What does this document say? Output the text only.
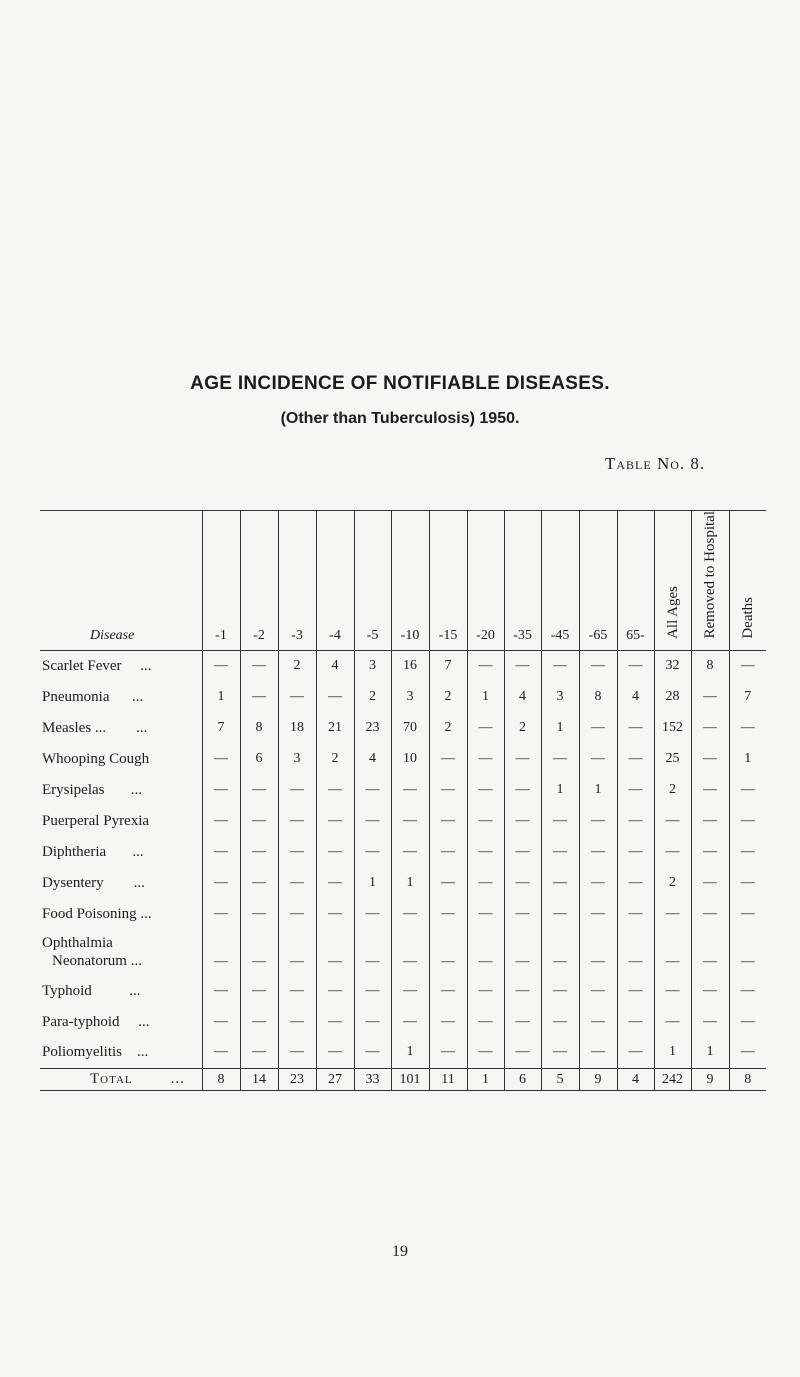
AGE INCIDENCE OF NOTIFIABLE DISEASES.
(Other than Tuberculosis) 1950.
Table No. 8.
Disease	-1	-2	-3	-4	-5	-10	-15	-20	-35	-45	-65	65-	All Ages	Removed to Hospital	Deaths
Scarlet Fever     ...	—	—	2	4	3	16	7	—	—	—	—	—	32	8	—
Pneumonia      ...	1	—	—	—	2	3	2	1	4	3	8	4	28	—	7
Measles ...        ...	7	8	18	21	23	70	2	—	2	1	—	—	152	—	—
Whooping Cough	—	6	3	2	4	10	—	—	—	—	—	—	25	—	1
Erysipelas       ...	—	—	—	—	—	—	—	—	—	1	1	—	2	—	—
Puerperal Pyrexia	—	—	—	—	—	—	—	—	—	—	—	—	—	—	—
Diphtheria       ...	—	—	—	—	—	—	—	—	—	—	—	—	—	—	—
Dysentery        ...	—	—	—	—	1	1	—	—	—	—	—	—	2	—	—
Food Poisoning ...	—	—	—	—	—	—	—	—	—	—	—	—	—	—	—
Ophthalmia
Neonatorum ...	—	—	—	—	—	—	—	—	—	—	—	—	—	—	—
Typhoid          ...	—	—	—	—	—	—	—	—	—	—	—	—	—	—	—
Para-typhoid     ...	—	—	—	—	—	—	—	—	—	—	—	—	—	—	—
Poliomyelitis    ...	—	—	—	—	—	1	—	—	—	—	—	—	1	1	—
Total        ...	8	14	23	27	33	101	11	1	6	5	9	4	242	9	8
19
